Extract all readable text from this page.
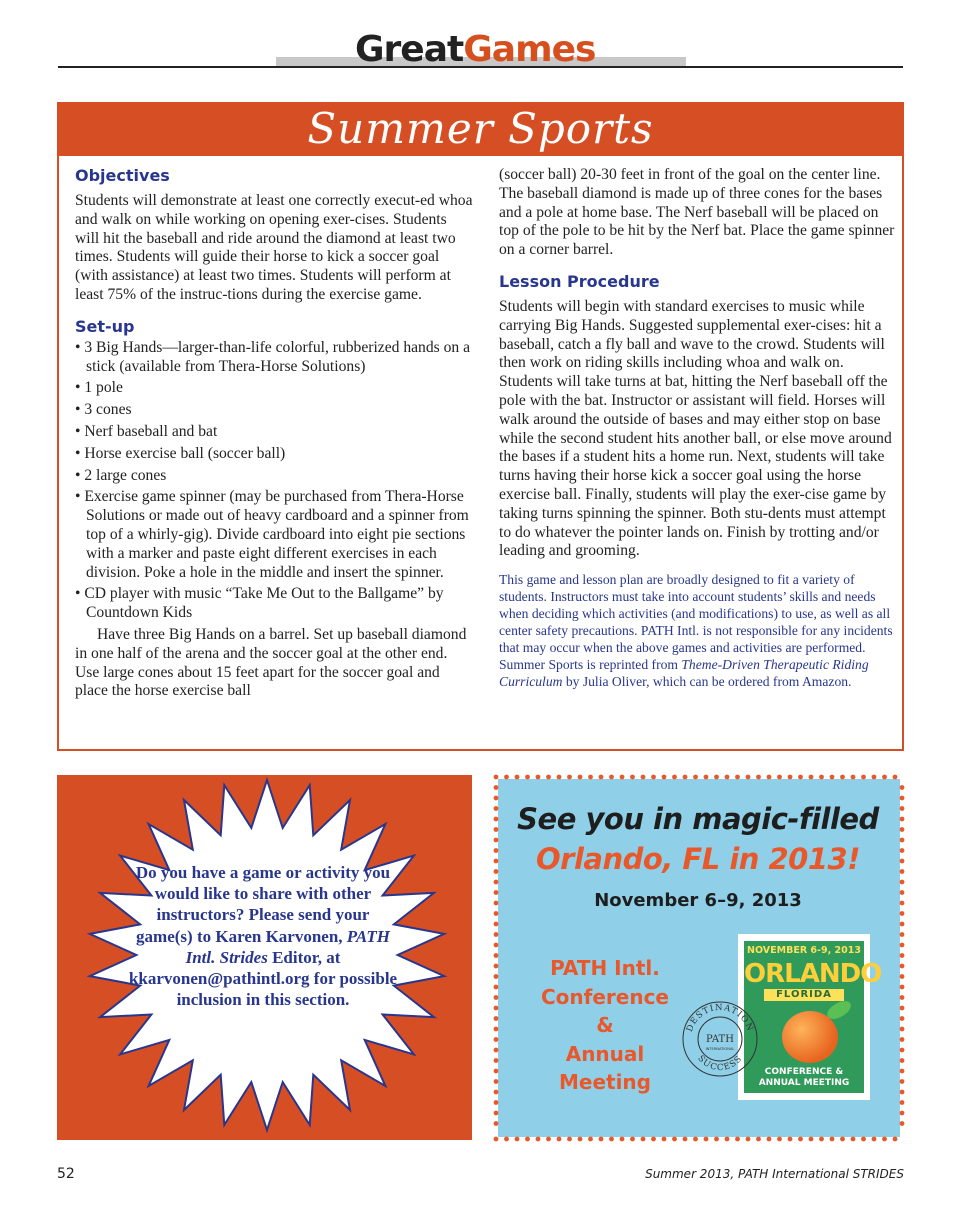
GreatGames
Summer Sports
Objectives
Students will demonstrate at least one correctly execut-ed whoa and walk on while working on opening exer-cises. Students will hit the baseball and ride around the diamond at least two times. Students will guide their horse to kick a soccer goal (with assistance) at least two times. Students will perform at least 75% of the instruc-tions during the exercise game.
Set-up
• 3 Big Hands—larger-than-life colorful, rubberized hands on a stick (available from Thera-Horse Solutions)
• 1 pole
• 3 cones
• Nerf baseball and bat
• Horse exercise ball (soccer ball)
• 2 large cones
• Exercise game spinner (may be purchased from Thera-Horse Solutions or made out of heavy cardboard and a spinner from top of a whirly-gig). Divide cardboard into eight pie sections with a marker and paste eight different exercises in each division. Poke a hole in the middle and insert the spinner.
• CD player with music “Take Me Out to the Ballgame” by Countdown Kids
Have three Big Hands on a barrel. Set up baseball diamond in one half of the arena and the soccer goal at the other end. Use large cones about 15 feet apart for the soccer goal and place the horse exercise ball
(soccer ball) 20-30 feet in front of the goal on the center line. The baseball diamond is made up of three cones for the bases and a pole at home base. The Nerf baseball will be placed on top of the pole to be hit by the Nerf bat. Place the game spinner on a corner barrel.
Lesson Procedure
Students will begin with standard exercises to music while carrying Big Hands. Suggested supplemental exer-cises: hit a baseball, catch a fly ball and wave to the crowd. Students will then work on riding skills including whoa and walk on. Students will take turns at bat, hitting the Nerf baseball off the pole with the bat. Instructor or assistant will field. Horses will walk around the outside of bases and may either stop on base while the second student hits another ball, or else move around the bases if a student hits a home run. Next, students will take turns having their horse kick a soccer goal using the horse exercise ball. Finally, students will play the exer-cise game by taking turns spinning the spinner. Both stu-dents must attempt to do whatever the pointer lands on. Finish by trotting and/or leading and grooming.
This game and lesson plan are broadly designed to fit a variety of students. Instructors must take into account students’ skills and needs when deciding which activities (and modifications) to use, as well as all center safety precautions. PATH Intl. is not responsible for any incidents that may occur when the above games and activities are performed. Summer Sports is reprinted from Theme-Driven Therapeutic Riding Curriculum by Julia Oliver, which can be ordered from Amazon.
Do you have a game or activity you would like to share with other instructors? Please send your game(s) to Karen Karvonen, PATH Intl. Strides Editor, at kkarvonen@pathintl.org for possible inclusion in this section.
See you in magic-filled
Orlando, FL in 2013!
November 6–9, 2013
PATH Intl.
Conference
&
Annual
Meeting
NOVEMBER 6-9, 2013
ORLANDO
FLORIDA
CONFERENCE &
ANNUAL MEETING
DESTINATION
SUCCESS
PATH
INTERNATIONAL
52	Summer 2013, PATH International STRIDES
